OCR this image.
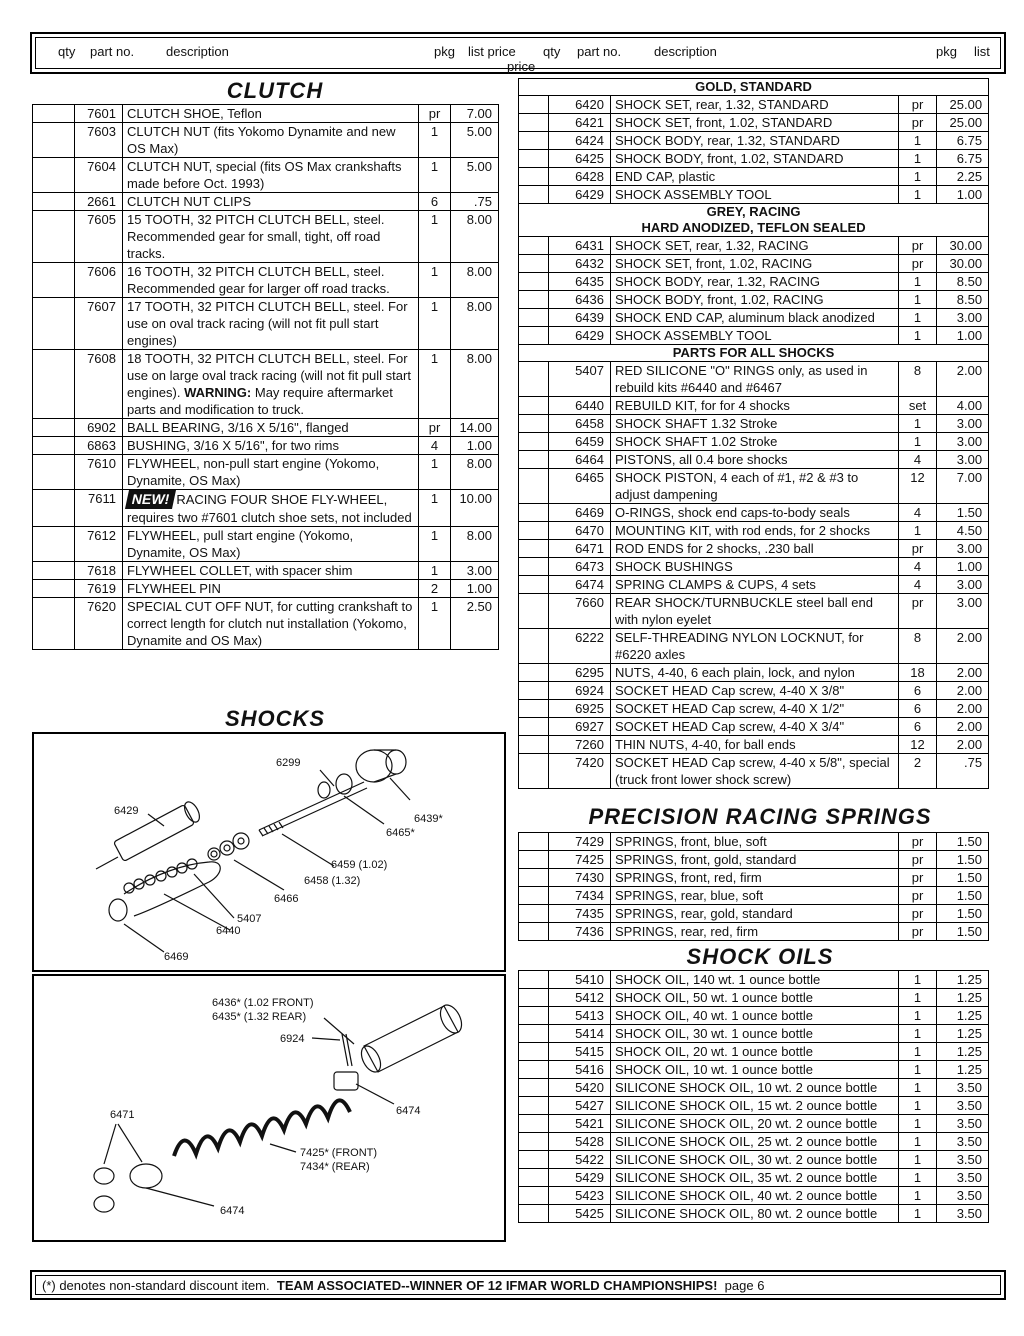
qty part no. description	pkg list price qty part no.	description	pkg list
price
CLUTCH
	7601	CLUTCH SHOE, Teflon	pr	7.00
	7603	CLUTCH NUT (fits Yokomo Dynamite and new OS Max)	1	5.00
	7604	CLUTCH NUT, special (fits OS Max crankshafts made before Oct. 1993)	1	5.00
	2661	CLUTCH NUT CLIPS	6	.75
	7605	15 TOOTH, 32 PITCH CLUTCH BELL, steel. Recommended gear for small, tight, off road tracks.	1	8.00
	7606	16 TOOTH, 32 PITCH CLUTCH BELL, steel. Recommended gear for larger off road tracks.	1	8.00
	7607	17 TOOTH, 32 PITCH CLUTCH BELL, steel. For use on oval track racing (will not fit pull start engines)	1	8.00
	7608	18 TOOTH, 32 PITCH CLUTCH BELL, steel. For use on large oval track racing (will not fit pull start engines). WARNING: May require aftermarket parts and modification to truck.	1	8.00
	6902	BALL BEARING, 3/16 X 5/16", flanged	pr	14.00
	6863	BUSHING, 3/16 X 5/16", for two rims	4	1.00
	7610	FLYWHEEL, non-pull start engine (Yokomo, Dynamite, OS Max)	1	8.00
	7611	NEW! RACING FOUR SHOE FLY-WHEEL, requires two #7601 clutch shoe sets, not included	1	10.00
	7612	FLYWHEEL, pull start engine (Yokomo, Dynamite, OS Max)	1	8.00
	7618	FLYWHEEL COLLET, with spacer shim	1	3.00
	7619	FLYWHEEL PIN	2	1.00
	7620	SPECIAL CUT OFF NUT, for cutting crankshaft to correct length for clutch nut installation (Yokomo, Dynamite and OS Max)	1	2.50
SHOCKS
6299
6429
6439*
6465*
6459 (1.02)
6458 (1.32)
6466
5407
6440
6469
6436* (1.02 FRONT)
6435* (1.32 REAR)
6924
6471	6474
7425* (FRONT)
7434* (REAR)
6474
GOLD, STANDARD				
	6420	SHOCK SET, rear, 1.32, STANDARD	pr	25.00
	6421	SHOCK SET, front, 1.02, STANDARD	pr	25.00
	6424	SHOCK BODY, rear, 1.32, STANDARD	1	6.75
	6425	SHOCK BODY, front, 1.02, STANDARD	1	6.75
	6428	END CAP, plastic	1	2.25
	6429	SHOCK ASSEMBLY TOOL	1	1.00
GREY, RACING				
HARD ANODIZED, TEFLON SEALED				
	6431	SHOCK SET, rear, 1.32, RACING	pr	30.00
	6432	SHOCK SET, front, 1.02, RACING	pr	30.00
	6435	SHOCK BODY, rear, 1.32, RACING	1	8.50
	6436	SHOCK BODY, front, 1.02, RACING	1	8.50
	6439	SHOCK END CAP, aluminum black anodized	1	3.00
	6429	SHOCK ASSEMBLY TOOL	1	1.00
PARTS FOR ALL SHOCKS				
	5407	RED SILICONE "O" RINGS only, as used in rebuild kits #6440 and #6467	8	2.00
	6440	REBUILD KIT, for for 4 shocks	set	4.00
	6458	SHOCK SHAFT 1.32 Stroke	1	3.00
	6459	SHOCK SHAFT 1.02 Stroke	1	3.00
	6464	PISTONS, all 0.4 bore shocks	4	3.00
	6465	SHOCK PISTON, 4 each of #1, #2 & #3 to adjust dampening	12	7.00
	6469	O-RINGS, shock end caps-to-body seals	4	1.50
	6470	MOUNTING KIT, with rod ends, for 2 shocks	1	4.50
	6471	ROD ENDS for 2 shocks, .230 ball	pr	3.00
	6473	SHOCK BUSHINGS	4	1.00
	6474	SPRING CLAMPS & CUPS, 4 sets	4	3.00
	7660	REAR SHOCK/TURNBUCKLE steel ball end with nylon eyelet	pr	3.00
	6222	SELF-THREADING NYLON LOCKNUT, for #6220 axles	8	2.00
	6295	NUTS, 4-40, 6 each plain, lock, and nylon	18	2.00
	6924	SOCKET HEAD Cap screw, 4-40 X 3/8"	6	2.00
	6925	SOCKET HEAD Cap screw, 4-40 X 1/2"	6	2.00
	6927	SOCKET HEAD Cap screw, 4-40 X 3/4"	6	2.00
	7260	THIN NUTS, 4-40, for ball ends	12	2.00
	7420	SOCKET HEAD Cap screw, 4-40 x 5/8", special (truck front lower shock screw)	2	.75
PRECISION RACING SPRINGS
	7429	SPRINGS, front, blue, soft	pr	1.50
	7425	SPRINGS, front, gold, standard	pr	1.50
	7430	SPRINGS, front, red, firm	pr	1.50
	7434	SPRINGS, rear, blue, soft	pr	1.50
	7435	SPRINGS, rear, gold, standard	pr	1.50
	7436	SPRINGS, rear, red, firm	pr	1.50
SHOCK OILS
	5410	SHOCK OIL, 140 wt. 1 ounce bottle	1	1.25
	5412	SHOCK OIL, 50 wt. 1 ounce bottle	1	1.25
	5413	SHOCK OIL, 40 wt. 1 ounce bottle	1	1.25
	5414	SHOCK OIL, 30 wt. 1 ounce bottle	1	1.25
	5415	SHOCK OIL, 20 wt. 1 ounce bottle	1	1.25
	5416	SHOCK OIL, 10 wt. 1 ounce bottle	1	1.25
	5420	SILICONE SHOCK OIL, 10 wt. 2 ounce bottle	1	3.50
	5427	SILICONE SHOCK OIL, 15 wt. 2 ounce bottle	1	3.50
	5421	SILICONE SHOCK OIL, 20 wt. 2 ounce bottle	1	3.50
	5428	SILICONE SHOCK OIL, 25 wt. 2 ounce bottle	1	3.50
	5422	SILICONE SHOCK OIL, 30 wt. 2 ounce bottle	1	3.50
	5429	SILICONE SHOCK OIL, 35 wt. 2 ounce bottle	1	3.50
	5423	SILICONE SHOCK OIL, 40 wt. 2 ounce bottle	1	3.50
	5425	SILICONE SHOCK OIL, 80 wt. 2 ounce bottle	1	3.50
(*) denotes non-standard discount item. TEAM ASSOCIATED--WINNER OF 12 IFMAR WORLD CHAMPIONSHIPS! page 6
